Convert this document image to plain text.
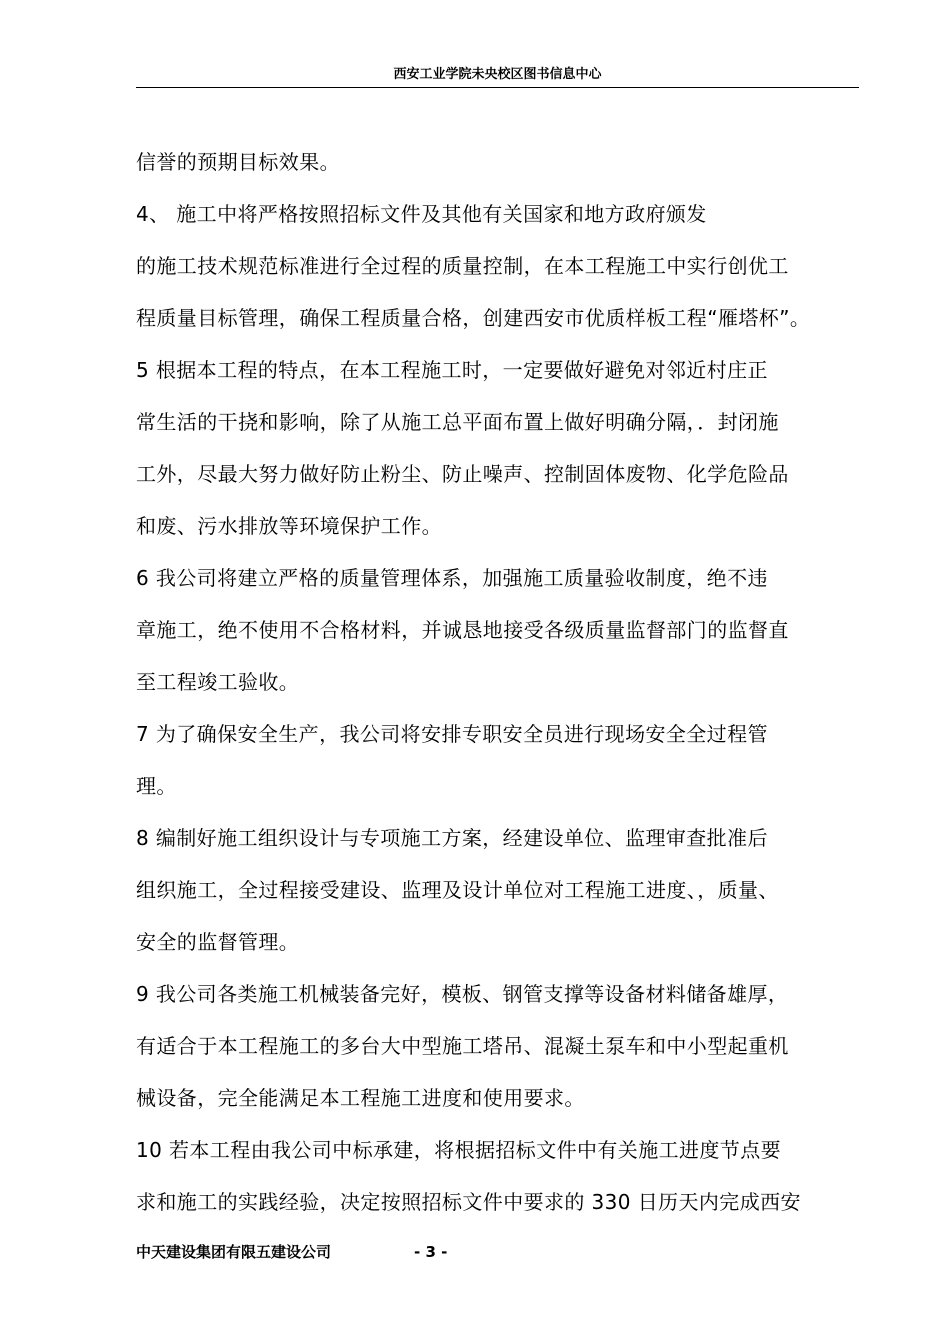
西安工业学院未央校区图书信息中心
信誉的预期目标效果。
4、 施工中将严格按照招标文件及其他有关国家和地方政府颁发
的施工技术规范标准进行全过程的质量控制，在本工程施工中实行创优工
程质量目标管理，确保工程质量合格，创建西安市优质样板工程“雁塔杯”。
5 根据本工程的特点，在本工程施工时，一定要做好避免对邻近村庄正
常生活的干挠和影响，除了从施工总平面布置上做好明确分隔，．封闭施
工外，尽最大努力做好防止粉尘、防止噪声、控制固体废物、化学危险品
和废、污水排放等环境保护工作。
6 我公司将建立严格的质量管理体系，加强施工质量验收制度，绝不违
章施工，绝不使用不合格材料，并诚恳地接受各级质量监督部门的监督直
至工程竣工验收。
7 为了确保安全生产，我公司将安排专职安全员进行现场安全全过程管
理。
8 编制好施工组织设计与专项施工方案，经建设单位、监理审查批准后
组织施工，全过程接受建设、监理及设计单位对工程施工进度、，质量、
安全的监督管理。
9 我公司各类施工机械装备完好，模板、钢管支撑等设备材料储备雄厚，
有适合于本工程施工的多台大中型施工塔吊、混凝土泵车和中小型起重机
械设备，完全能满足本工程施工进度和使用要求。
10 若本工程由我公司中标承建，将根据招标文件中有关施工进度节点要
求和施工的实践经验，决定按照招标文件中要求的 330 日历天内完成西安
中天建设集团有限五建设公司	- 3 -
